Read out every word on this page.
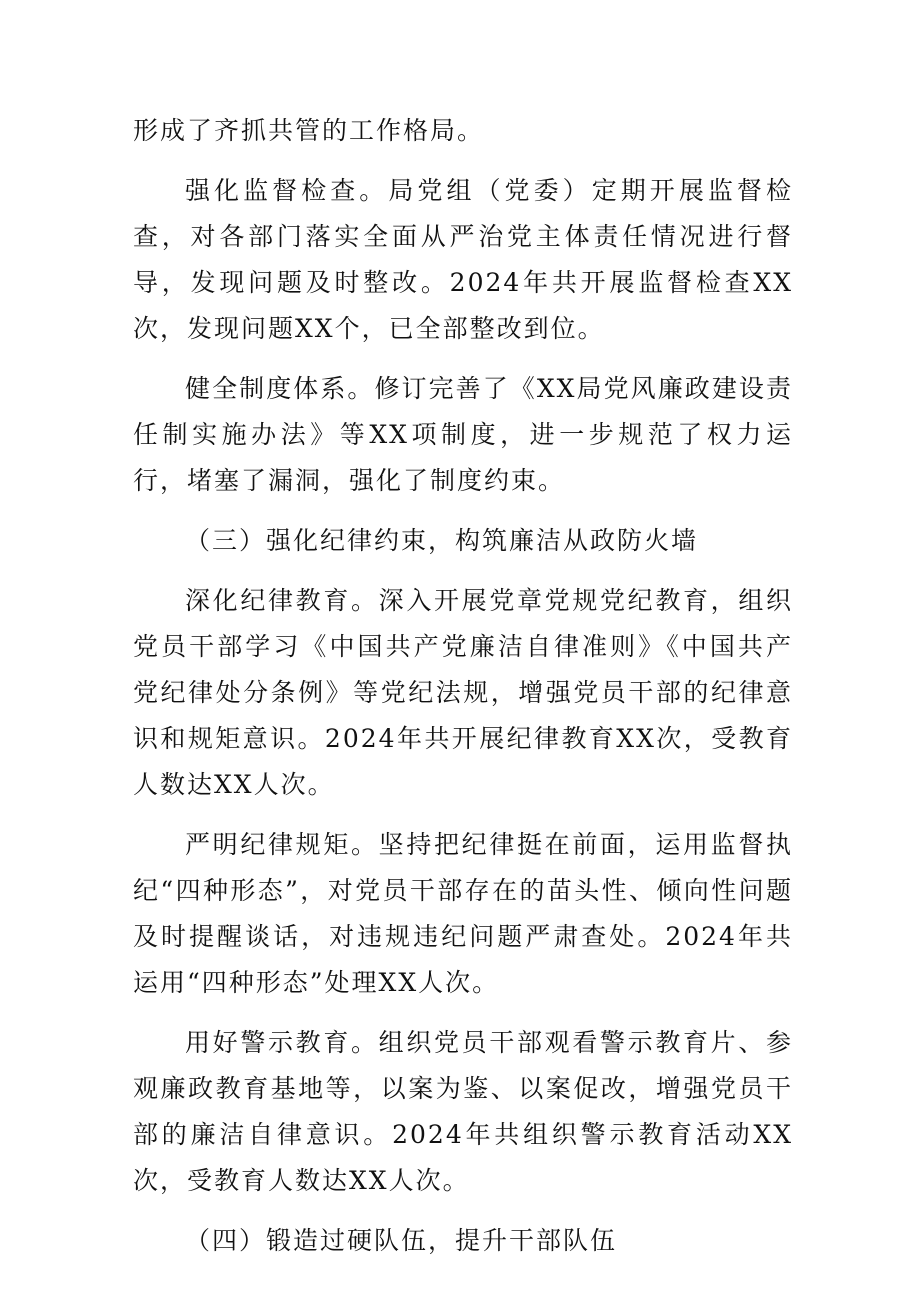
形成了齐抓共管的工作格局。

强化监督检查。局党组（党委）定期开展监督检查，对各部门落实全面从严治党主体责任情况进行督导，发现问题及时整改。2024年共开展监督检查XX次，发现问题XX个，已全部整改到位。

健全制度体系。修订完善了《XX局党风廉政建设责任制实施办法》等XX项制度，进一步规范了权力运行，堵塞了漏洞，强化了制度约束。

（三）强化纪律约束，构筑廉洁从政防火墙

深化纪律教育。深入开展党章党规党纪教育，组织党员干部学习《中国共产党廉洁自律准则》《中国共产党纪律处分条例》等党纪法规，增强党员干部的纪律意识和规矩意识。2024年共开展纪律教育XX次，受教育人数达XX人次。

严明纪律规矩。坚持把纪律挺在前面，运用监督执纪“四种形态”，对党员干部存在的苗头性、倾向性问题及时提醒谈话，对违规违纪问题严肃查处。2024年共运用“四种形态”处理XX人次。

用好警示教育。组织党员干部观看警示教育片、参观廉政教育基地等，以案为鉴、以案促改，增强党员干部的廉洁自律意识。2024年共组织警示教育活动XX次，受教育人数达XX人次。

（四）锻造过硬队伍，提升干部队伍
